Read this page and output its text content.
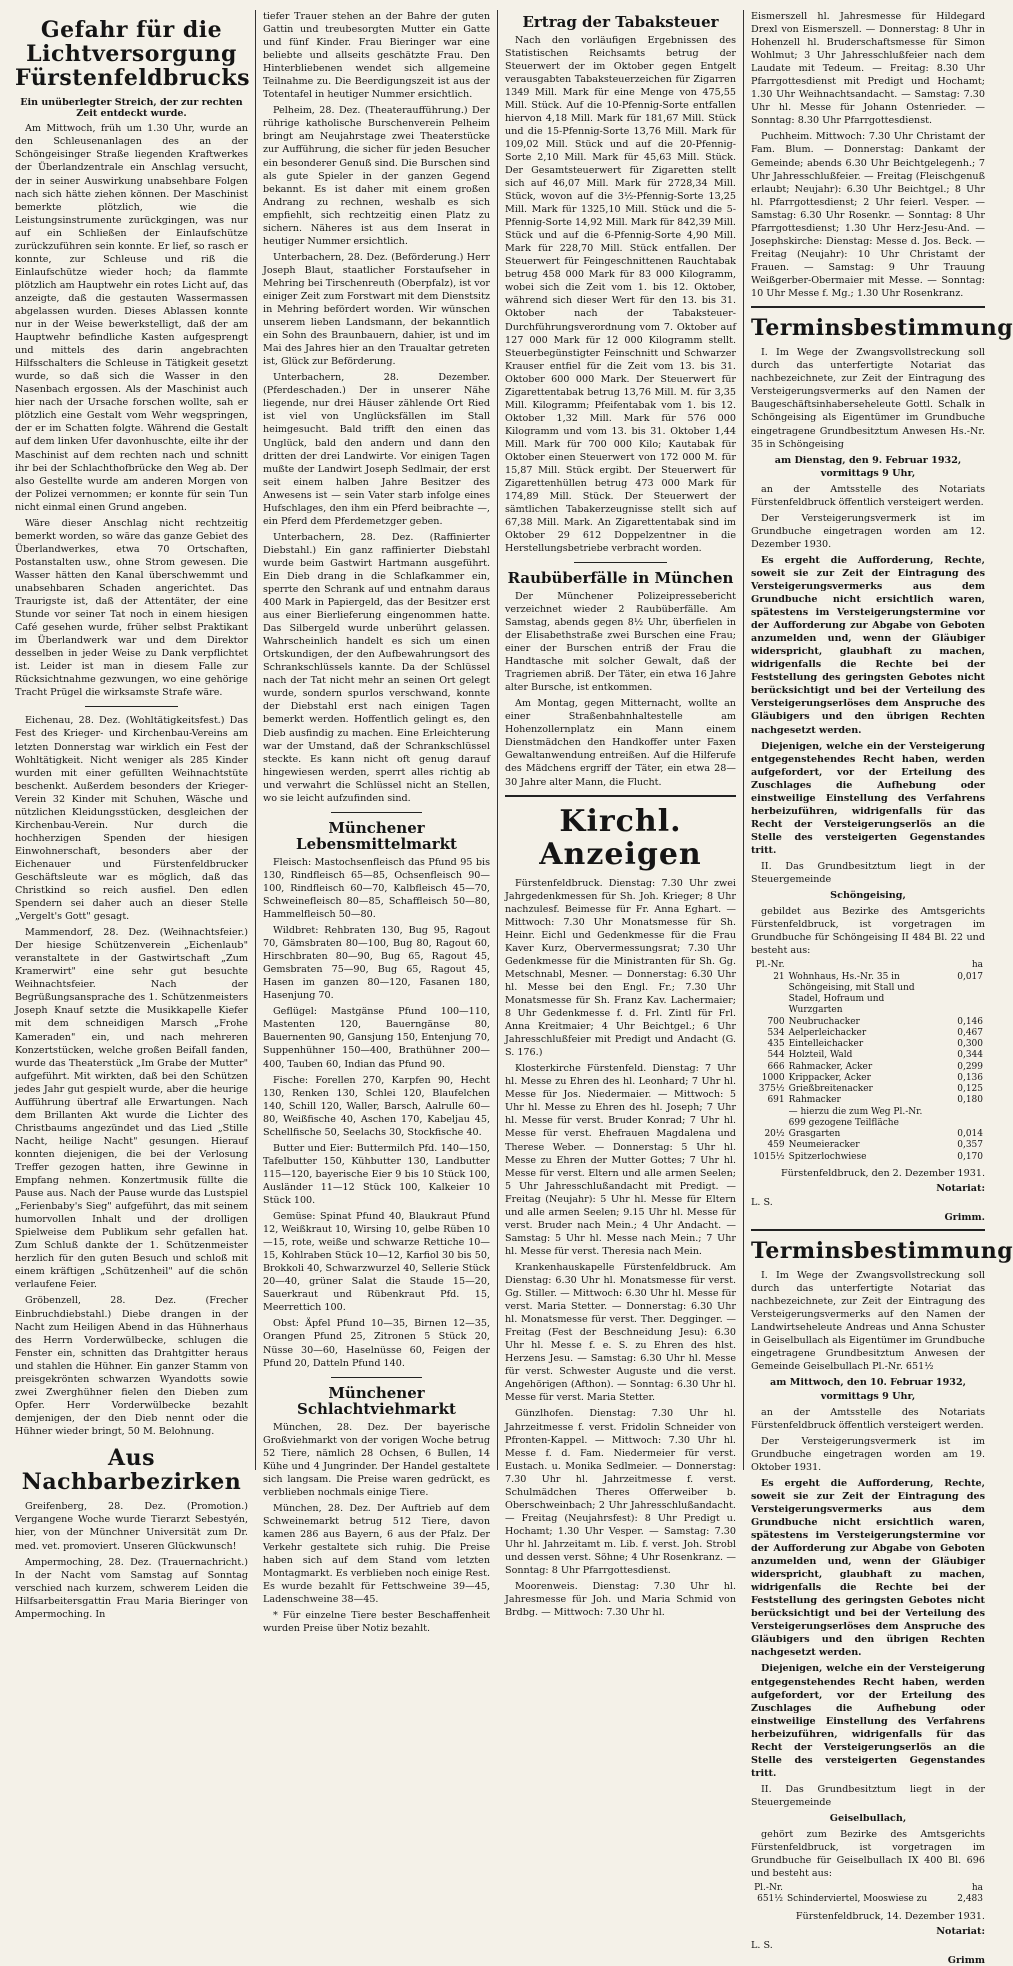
Gefahr für die Lichtversorgung Fürstenfeldbrucks
Ein unüberlegter Streich, der zur rechten Zeit entdeckt wurde.

Am Mittwoch, früh um 1.30 Uhr, wurde an den Schleusenanlagen des an der Schöngeisinger Straße liegenden Kraftwerkes der Überlandzentrale ein Anschlag versucht, der in seiner Auswirkung unabsehbare Folgen nach sich hätte ziehen können. Der Maschinist bemerkte plötzlich, wie die Leistungsinstrumente zurückgingen, was nur auf ein Schließen der Einlaufschütze zurückzuführen sein konnte. Er lief, so rasch er konnte, zur Schleuse und riß die Einlaufschütze wieder hoch; da flammte plötzlich am Hauptwehr ein rotes Licht auf, das anzeigte, daß die gestauten Wassermassen abgelassen wurden. Dieses Ablassen konnte nur in der Weise bewerkstelligt, daß der am Hauptwehr befindliche Kasten aufgesprengt und mittels des darin angebrachten Hilfsschalters die Schleuse in Tätigkeit gesetzt wurde, so daß sich die Wasser in den Nasenbach ergossen. Als der Maschinist auch hier nach der Ursache forschen wollte, sah er plötzlich eine Gestalt vom Wehr wegspringen, der er im Schatten folgte. Während die Gestalt auf dem linken Ufer davonhuschte, eilte ihr der Maschinist auf dem rechten nach und schnitt ihr bei der Schlachthofbrücke den Weg ab. Der also Gestellte wurde am anderen Morgen von der Polizei vernommen; er konnte für sein Tun nicht einmal einen Grund angeben.

Wäre dieser Anschlag nicht rechtzeitig bemerkt worden, so wäre das ganze Gebiet des Überlandwerkes, etwa 70 Ortschaften, Postanstalten usw., ohne Strom gewesen. Die Wasser hätten den Kanal überschwemmt und unabsehbaren Schaden angerichtet. Das Traurigste ist, daß der Attentäter, der eine Stunde vor seiner Tat noch in einem hiesigen Café gesehen wurde, früher selbst Praktikant im Überlandwerk war und dem Direktor desselben in jeder Weise zu Dank verpflichtet ist. Leider ist man in diesem Falle zur Rücksichtnahme gezwungen, wo eine gehörige Tracht Prügel die wirksamste Strafe wäre.

Eichenau, 28. Dez. (Wohltätigkeitsfest.) Das Fest des Krieger- und Kirchenbau-Vereins am letzten Donnerstag war wirklich ein Fest der Wohltätigkeit. Nicht weniger als 285 Kinder wurden mit einer gefüllten Weihnachtstüte beschenkt. Außerdem besonders der Krieger-Verein 32 Kinder mit Schuhen, Wäsche und nützlichen Kleidungsstücken, desgleichen der Kirchenbau-Verein. Nur durch die hochherzigen Spenden der hiesigen Einwohnerschaft, besonders aber der Eichenauer und Fürstenfeldbrucker Geschäftsleute war es möglich, daß das Christkind so reich ausfiel. Den edlen Spendern sei daher auch an dieser Stelle „Vergelt's Gott" gesagt.

Mammendorf, 28. Dez. (Weihnachtsfeier.) Der hiesige Schützenverein „Eichenlaub" veranstaltete in der Gastwirtschaft „Zum Kramerwirt" eine sehr gut besuchte Weihnachtsfeier. Nach der Begrüßungsansprache des 1. Schützenmeisters Joseph Knauf setzte die Musikkapelle Kiefer mit dem schneidigen Marsch „Frohe Kameraden" ein, und nach mehreren Konzertstücken, welche großen Beifall fanden, wurde das Theaterstück „Im Grabe der Mutter" aufgeführt. Mit wirkten, daß bei den Schützen jedes Jahr gut gespielt wurde, aber die heurige Aufführung übertraf alle Erwartungen. Nach dem Brillanten Akt wurde die Lichter des Christbaums angezündet und das Lied „Stille Nacht, heilige Nacht" gesungen. Hierauf konnten diejenigen, die bei der Verlosung Treffer gezogen hatten, ihre Gewinne in Empfang nehmen. Konzertmusik füllte die Pause aus. Nach der Pause wurde das Lustspiel „Ferienbaby's Sieg" aufgeführt, das mit seinem humorvollen Inhalt und der drolligen Spielweise dem Publikum sehr gefallen hat. Zum Schluß dankte der 1. Schützenmeister herzlich für den guten Besuch und schloß mit einem kräftigen „Schützenheil" auf die schön verlaufene Feier.

Gröbenzell, 28. Dez. (Frecher Einbruchdiebstahl.) Diebe drangen in der Nacht zum Heiligen Abend in das Hühnerhaus des Herrn Vorderwülbecke, schlugen die Fenster ein, schnitten das Drahtgitter heraus und stahlen die Hühner. Ein ganzer Stamm von preisgekrönten schwarzen Wyandotts sowie zwei Zwerghühner fielen den Dieben zum Opfer. Herr Vorderwülbecke bezahlt demjenigen, der den Dieb nennt oder die Hühner wieder bringt, 50 M. Belohnung.

Aus Nachbarbezirken

Greifenberg, 28. Dez. (Promotion.) Vergangene Woche wurde Tierarzt Sebestyén, hier, von der Münchner Universität zum Dr. med. vet. promoviert. Unseren Glückwunsch!

Ampermoching, 28. Dez. (Trauernachricht.) In der Nacht vom Samstag auf Sonntag verschied nach kurzem, schwerem Leiden die Hilfsarbeitersgattin Frau Maria Bieringer von Ampermoching. In

tiefer Trauer stehen an der Bahre der guten Gattin und treubesorgten Mutter ein Gatte und fünf Kinder. Frau Bieringer war eine beliebte und allseits geschätzte Frau. Den Hinterbliebenen wendet sich allgemeine Teilnahme zu. Die Beerdigungszeit ist aus der Totentafel in heutiger Nummer ersichtlich.

Pelheim, 28. Dez. (Theateraufführung.) Der rührige katholische Burschenverein Pelheim bringt am Neujahrstage zwei Theaterstücke zur Aufführung, die sicher für jeden Besucher ein besonderer Genuß sind. Die Burschen sind als gute Spieler in der ganzen Gegend bekannt. Es ist daher mit einem großen Andrang zu rechnen, weshalb es sich empfiehlt, sich rechtzeitig einen Platz zu sichern. Näheres ist aus dem Inserat in heutiger Nummer ersichtlich.

Unterbachern, 28. Dez. (Beförderung.) Herr Joseph Blaut, staatlicher Forstaufseher in Mehring bei Tirschenreuth (Oberpfalz), ist vor einiger Zeit zum Forstwart mit dem Dienstsitz in Mehring befördert worden. Wir wünschen unserem lieben Landsmann, der bekanntlich ein Sohn des Braunbauern, dahier, ist und im Mai des Jahres hier an den Traualtar getreten ist, Glück zur Beförderung.

Unterbachern, 28. Dezember. (Pferdeschaden.) Der in unserer Nähe liegende, nur drei Häuser zählende Ort Ried ist viel von Unglücksfällen im Stall heimgesucht. Bald trifft den einen das Unglück, bald den andern und dann den dritten der drei Landwirte. Vor einigen Tagen mußte der Landwirt Joseph Sedlmair, der erst seit einem halben Jahre Besitzer des Anwesens ist — sein Vater starb infolge eines Hufschlages, den ihm ein Pferd beibrachte —, ein Pferd dem Pferdemetzger geben.

Unterbachern, 28. Dez. (Raffinierter Diebstahl.) Ein ganz raffinierter Diebstahl wurde beim Gastwirt Hartmann ausgeführt. Ein Dieb drang in die Schlafkammer ein, sperrte den Schrank auf und entnahm daraus 400 Mark in Papiergeld, das der Besitzer erst aus einer Bierlieferung eingenommen hatte. Das Silbergeld wurde unberührt gelassen. Wahrscheinlich handelt es sich um einen Ortskundigen, der den Aufbewahrungsort des Schrankschlüssels kannte. Da der Schlüssel nach der Tat nicht mehr an seinen Ort gelegt wurde, sondern spurlos verschwand, konnte der Diebstahl erst nach einigen Tagen bemerkt werden. Hoffentlich gelingt es, den Dieb ausfindig zu machen. Eine Erleichterung war der Umstand, daß der Schrankschlüssel steckte. Es kann nicht oft genug darauf hingewiesen werden, sperrt alles richtig ab und verwahrt die Schlüssel nicht an Stellen, wo sie leicht aufzufinden sind.

Münchener Lebensmittelmarkt

Fleisch: Mastochsenfleisch das Pfund 95 bis 130, Rindfleisch 65—85, Ochsenfleisch 90—100, Rindfleisch 60—70, Kalbfleisch 45—70, Schweinefleisch 80—85, Schaffleisch 50—80, Hammelfleisch 50—80.

Wildbret: Rehbraten 130, Bug 95, Ragout 70, Gämsbraten 80—100, Bug 80, Ragout 60, Hirschbraten 80—90, Bug 65, Ragout 45, Gemsbraten 75—90, Bug 65, Ragout 45, Hasen im ganzen 80—120, Fasanen 180, Hasenjung 70.

Geflügel: Mastgänse Pfund 100—110, Mastenten 120, Bauerngänse 80, Bauernenten 90, Gansjung 150, Entenjung 70, Suppenhühner 150—400, Brathühner 200—400, Tauben 60, Indian das Pfund 90.

Fische: Forellen 270, Karpfen 90, Hecht 130, Renken 130, Schlei 120, Blaufelchen 140, Schill 120, Waller, Barsch, Aalrulle 60—80, Weißfische 40, Aschen 170, Kabeljau 45, Schellfische 50, Seelachs 30, Stockfische 40.

Butter und Eier: Buttermilch Pfd. 140—150, Tafelbutter 150, Kühbutter 130, Landbutter 115—120, bayerische Eier 9 bis 10 Stück 100, Ausländer 11—12 Stück 100, Kalkeier 10 Stück 100.

Gemüse: Spinat Pfund 40, Blaukraut Pfund 12, Weißkraut 10, Wirsing 10, gelbe Rüben 10—15, rote, weiße und schwarze Rettiche 10—15, Kohlraben Stück 10—12, Karfiol 30 bis 50, Brokkoli 40, Schwarzwurzel 40, Sellerie Stück 20—40, grüner Salat die Staude 15—20, Sauerkraut und Rübenkraut Pfd. 15, Meerrettich 100.

Obst: Äpfel Pfund 10—35, Birnen 12—35, Orangen Pfund 25, Zitronen 5 Stück 20, Nüsse 30—60, Haselnüsse 60, Feigen der Pfund 20, Datteln Pfund 140.

Münchener Schlachtviehmarkt

München, 28. Dez. Der bayerische Großviehmarkt von der vorigen Woche betrug 52 Tiere, nämlich 28 Ochsen, 6 Bullen, 14 Kühe und 4 Jungrinder. Der Handel gestaltete sich langsam. Die Preise waren gedrückt, es verblieben nochmals einige Tiere.

München, 28. Dez. Der Auftrieb auf dem Schweinemarkt betrug 512 Tiere, davon kamen 286 aus Bayern, 6 aus der Pfalz. Der Verkehr gestaltete sich ruhig. Die Preise haben sich auf dem Stand vom letzten Montagmarkt. Es verblieben noch einige Rest. Es wurde bezahlt für Fettschweine 39—45, Ladenschweine 38—45.

* Für einzelne Tiere bester Beschaffenheit wurden Preise über Notiz bezahlt.

Ertrag der Tabaksteuer

Nach den vorläufigen Ergebnissen des Statistischen Reichsamts betrug der Steuerwert der im Oktober gegen Entgelt verausgabten Tabaksteuerzeichen für Zigarren 1349 Mill. Mark für eine Menge von 475,55 Mill. Stück. Auf die 10-Pfennig-Sorte entfallen hiervon 4,18 Mill. Mark für 181,67 Mill. Stück und die 15-Pfennig-Sorte 13,76 Mill. Mark für 109,02 Mill. Stück und auf die 20-Pfennig-Sorte 2,10 Mill. Mark für 45,63 Mill. Stück. Der Gesamtsteuerwert für Zigaretten stellt sich auf 46,07 Mill. Mark für 2728,34 Mill. Stück, wovon auf die 3½-Pfennig-Sorte 13,25 Mill. Mark für 1325,10 Mill. Stück und die 5-Pfennig-Sorte 14,92 Mill. Mark für 842,39 Mill. Stück und auf die 6-Pfennig-Sorte 4,90 Mill. Mark für 228,70 Mill. Stück entfallen. Der Steuerwert für Feingeschnittenen Rauchtabak betrug 458 000 Mark für 83 000 Kilogramm, wobei sich die Zeit vom 1. bis 12. Oktober, während sich dieser Wert für den 13. bis 31. Oktober nach der Tabaksteuer-Durchführungsverordnung vom 7. Oktober auf 127 000 Mark für 12 000 Kilogramm stellt. Steuerbegünstigter Feinschnitt und Schwarzer Krauser entfiel für die Zeit vom 13. bis 31. Oktober 600 000 Mark. Der Steuerwert für Zigarettentabak betrug 13,76 Mill. M. für 3,35 Mill. Kilogramm; Pfeifentabak vom 1. bis 12. Oktober 1,32 Mill. Mark für 576 000 Kilogramm und vom 13. bis 31. Oktober 1,44 Mill. Mark für 700 000 Kilo; Kautabak für Oktober einen Steuerwert von 172 000 M. für 15,87 Mill. Stück ergibt. Der Steuerwert für Zigarettenhüllen betrug 473 000 Mark für 174,89 Mill. Stück. Der Steuerwert der sämtlichen Tabakerzeugnisse stellt sich auf 67,38 Mill. Mark. An Zigarettentabak sind im Oktober 29 612 Doppelzentner in die Herstellungsbetriebe verbracht worden.

Raubüberfälle in München

Der Münchener Polizeipressebericht verzeichnet wieder 2 Raubüberfälle. Am Samstag, abends gegen 8½ Uhr, überfielen in der Elisabethstraße zwei Burschen eine Frau; einer der Burschen entriß der Frau die Handtasche mit solcher Gewalt, daß der Tragriemen abriß. Der Täter, ein etwa 16 Jahre alter Bursche, ist entkommen.

Am Montag, gegen Mitternacht, wollte an einer Straßenbahnhaltestelle am Hohenzollernplatz ein Mann einem Dienstmädchen den Handkoffer unter Faxen Gewaltanwendung entreißen. Auf die Hilferufe des Mädchens ergriff der Täter, ein etwa 28—30 Jahre alter Mann, die Flucht.

Kirchl. Anzeigen

Fürstenfeldbruck. Dienstag: 7.30 Uhr zwei Jahrgedenkmessen für Sh. Joh. Krieger; 8 Uhr nachzulesf. Beimesse für Fr. Anna Eghart. — Mittwoch: 7.30 Uhr Monatsmesse für Sh. Heinr. Eichl und Gedenkmesse für die Frau Kaver Kurz, Obervermessungsrat; 7.30 Uhr Gedenkmesse für die Ministranten für Sh. Gg. Metschnabl, Mesner. — Donnerstag: 6.30 Uhr hl. Messe bei den Engl. Fr.; 7.30 Uhr Monatsmesse für Sh. Franz Kav. Lachermaier; 8 Uhr Gedenkmesse f. d. Frl. Zintl für Frl. Anna Kreitmaier; 4 Uhr Beichtgel.; 6 Uhr Jahresschlußfeier mit Predigt und Andacht (G. S. 176.)

Klosterkirche Fürstenfeld. Dienstag: 7 Uhr hl. Messe zu Ehren des hl. Leonhard; 7 Uhr hl. Messe für Jos. Niedermaier. — Mittwoch: 5 Uhr hl. Messe zu Ehren des hl. Joseph; 7 Uhr hl. Messe für verst. Bruder Konrad; 7 Uhr hl. Messe für verst. Ehefrauen Magdalena und Therese Weber. — Donnerstag: 5 Uhr hl. Messe zu Ehren der Mutter Gottes; 7 Uhr hl. Messe für verst. Eltern und alle armen Seelen; 5 Uhr Jahresschlußandacht mit Predigt. — Freitag (Neujahr): 5 Uhr hl. Messe für Eltern und alle armen Seelen; 9.15 Uhr hl. Messe für verst. Bruder nach Mein.; 4 Uhr Andacht. — Samstag: 5 Uhr hl. Messe nach Mein.; 7 Uhr hl. Messe für verst. Theresia nach Mein.

Krankenhauskapelle Fürstenfeldbruck. Am Dienstag: 6.30 Uhr hl. Monatsmesse für verst. Gg. Stiller. — Mittwoch: 6.30 Uhr hl. Messe für verst. Maria Stetter. — Donnerstag: 6.30 Uhr hl. Monatsmesse für verst. Ther. Degginger. — Freitag (Fest der Beschneidung Jesu): 6.30 Uhr hl. Messe f. e. S. zu Ehren des hlst. Herzens Jesu. — Samstag: 6.30 Uhr hl. Messe für verst. Schwester Auguste und die verst. Angehörigen (Afthon). — Sonntag: 6.30 Uhr hl. Messe für verst. Maria Stetter.

Günzlhofen. Dienstag: 7.30 Uhr hl. Jahrzeitmesse f. verst. Fridolin Schneider von Pfronten-Kappel. — Mittwoch: 7.30 Uhr hl. Messe f. d. Fam. Niedermeier für verst. Eustach. u. Monika Sedlmeier. — Donnerstag: 7.30 Uhr hl. Jahrzeitmesse f. verst. Schulmädchen Theres Offerweiber b. Oberschweinbach; 2 Uhr Jahresschlußandacht. — Freitag (Neujahrsfest): 8 Uhr Predigt u. Hochamt; 1.30 Uhr Vesper. — Samstag: 7.30 Uhr hl. Jahrzeitamt m. Lib. f. verst. Joh. Strobl und dessen verst. Söhne; 4 Uhr Rosenkranz. — Sonntag: 8 Uhr Pfarrgottesdienst.

Moorenweis. Dienstag: 7.30 Uhr hl. Jahresmesse für Joh. und Maria Schmid von Brdbg. — Mittwoch: 7.30 Uhr hl.

Eismerszell hl. Jahresmesse für Hildegard Drexl von Eismerszell. — Donnerstag: 8 Uhr in Hohenzell hl. Bruderschaftsmesse für Simon Wohlmut; 3 Uhr Jahresschlußfeier nach dem Laudate mit Tedeum. — Freitag: 8.30 Uhr Pfarrgottesdienst mit Predigt und Hochamt; 1.30 Uhr Weihnachtsandacht. — Samstag: 7.30 Uhr hl. Messe für Johann Ostenrieder. — Sonntag: 8.30 Uhr Pfarrgottesdienst.

Puchheim. Mittwoch: 7.30 Uhr Christamt der Fam. Blum. — Donnerstag: Dankamt der Gemeinde; abends 6.30 Uhr Beichtgelegenh.; 7 Uhr Jahresschlußfeier. — Freitag (Fleischgenuß erlaubt; Neujahr): 6.30 Uhr Beichtgel.; 8 Uhr hl. Pfarrgottesdienst; 2 Uhr feierl. Vesper. — Samstag: 6.30 Uhr Rosenkr. — Sonntag: 8 Uhr Pfarrgottesdienst; 1.30 Uhr Herz-Jesu-And. — Josephskirche: Dienstag: Messe d. Jos. Beck. — Freitag (Neujahr): 10 Uhr Christamt der Frauen. — Samstag: 9 Uhr Trauung Weißgerber-Obermaier mit Messe. — Sonntag: 10 Uhr Messe f. Mg.; 1.30 Uhr Rosenkranz.

Terminsbestimmung

I. Im Wege der Zwangsvollstreckung soll durch das unterfertigte Notariat das nachbezeichnete, zur Zeit der Eintragung des Versteigerungsvermerks auf den Namen der Baugeschäftsinhaberseheleute Gottl. Schalk in Schöngeising als Eigentümer im Grundbuche eingetragene Grundbesitztum Anwesen Hs.-Nr. 35 in Schöngeising

am Dienstag, den 9. Februar 1932, vormittags 9 Uhr,

an der Amtsstelle des Notariats Fürstenfeldbruck öffentlich versteigert werden.

Der Versteigerungsvermerk ist im Grundbuche eingetragen worden am 12. Dezember 1930.

Es ergeht die Aufforderung, Rechte, soweit sie zur Zeit der Eintragung des Versteigerungsvermerks aus dem Grundbuche nicht ersichtlich waren, spätestens im Versteigerungstermine vor der Aufforderung zur Abgabe von Geboten anzumelden und, wenn der Gläubiger widerspricht, glaubhaft zu machen, widrigenfalls die Rechte bei der Feststellung des geringsten Gebotes nicht berücksichtigt und bei der Verteilung des Versteigerungserlöses dem Anspruche des Gläubigers und den übrigen Rechten nachgesetzt werden.

Diejenigen, welche ein der Versteigerung entgegenstehendes Recht haben, werden aufgefordert, vor der Erteilung des Zuschlages die Aufhebung oder einstweilige Einstellung des Verfahrens herbeizuführen, widrigenfalls für das Recht der Versteigerungserlös an die Stelle des versteigerten Gegenstandes tritt.

II. Das Grundbesitztum liegt in der Steuergemeinde

Schöngeising,

gebildet aus Bezirke des Amtsgerichts Fürstenfeldbruck, ist vorgetragen im Grundbuche für Schöngeising II 484 Bl. 22 und besteht aus:

Pl.-Nr.		ha
21	Wohnhaus, Hs.-Nr. 35 in Schöngeising, mit Stall und Stadel, Hofraum und Wurzgarten	0,017
700	Neubruchacker	0,146
534	Aelperleichacker	0,467
435	Eintelleichacker	0,300
544	Holzteil, Wald	0,344
666	Rahmacker, Acker	0,299
1000	Krippacker, Acker	0,136
375½	Grießbreitenacker	0,125
691	Rahmacker	0,180
	— hierzu die zum Weg Pl.-Nr. 699 gezogene Teilfläche	
20½	Grasgarten	0,014
459	Neumeieracker	0,357
1015½	Spitzerlochwiese	0,170

Fürstenfeldbruck, den 2. Dezember 1931.

Notariat:

L. S.

Grimm.
Terminsbestimmung

I. Im Wege der Zwangsvollstreckung soll durch das unterfertigte Notariat das nachbezeichnete, zur Zeit der Eintragung des Versteigerungsvermerks auf den Namen der Landwirtseheleute Andreas und Anna Schuster in Geiselbullach als Eigentümer im Grundbuche eingetragene Grundbesitztum Anwesen der Gemeinde Geiselbullach Pl.-Nr. 651½

am Mittwoch, den 10. Februar 1932, vormittags 9 Uhr,

an der Amtsstelle des Notariats Fürstenfeldbruck öffentlich versteigert werden.

Der Versteigerungsvermerk ist im Grundbuche eingetragen worden am 19. Oktober 1931.

Es ergeht die Aufforderung, Rechte, soweit sie zur Zeit der Eintragung des Versteigerungsvermerks aus dem Grundbuche nicht ersichtlich waren, spätestens im Versteigerungstermine vor der Aufforderung zur Abgabe von Geboten anzumelden und, wenn der Gläubiger widerspricht, glaubhaft zu machen, widrigenfalls die Rechte bei der Feststellung des geringsten Gebotes nicht berücksichtigt und bei der Verteilung des Versteigerungserlöses dem Anspruche des Gläubigers und den übrigen Rechten nachgesetzt werden.

Diejenigen, welche ein der Versteigerung entgegenstehendes Recht haben, werden aufgefordert, vor der Erteilung des Zuschlages die Aufhebung oder einstweilige Einstellung des Verfahrens herbeizuführen, widrigenfalls für das Recht der Versteigerungserlös an die Stelle des versteigerten Gegenstandes tritt.

II. Das Grundbesitztum liegt in der Steuergemeinde

Geiselbullach,

gehört zum Bezirke des Amtsgerichts Fürstenfeldbruck, ist vorgetragen im Grundbuche für Geiselbullach IX 400 Bl. 696 und besteht aus:

Pl.-Nr.		ha
651½	Schinderviertel, Mooswiese zu	2,483

Fürstenfeldbruck, 14. Dezember 1931.

Notariat:

L. S.

Grimm
